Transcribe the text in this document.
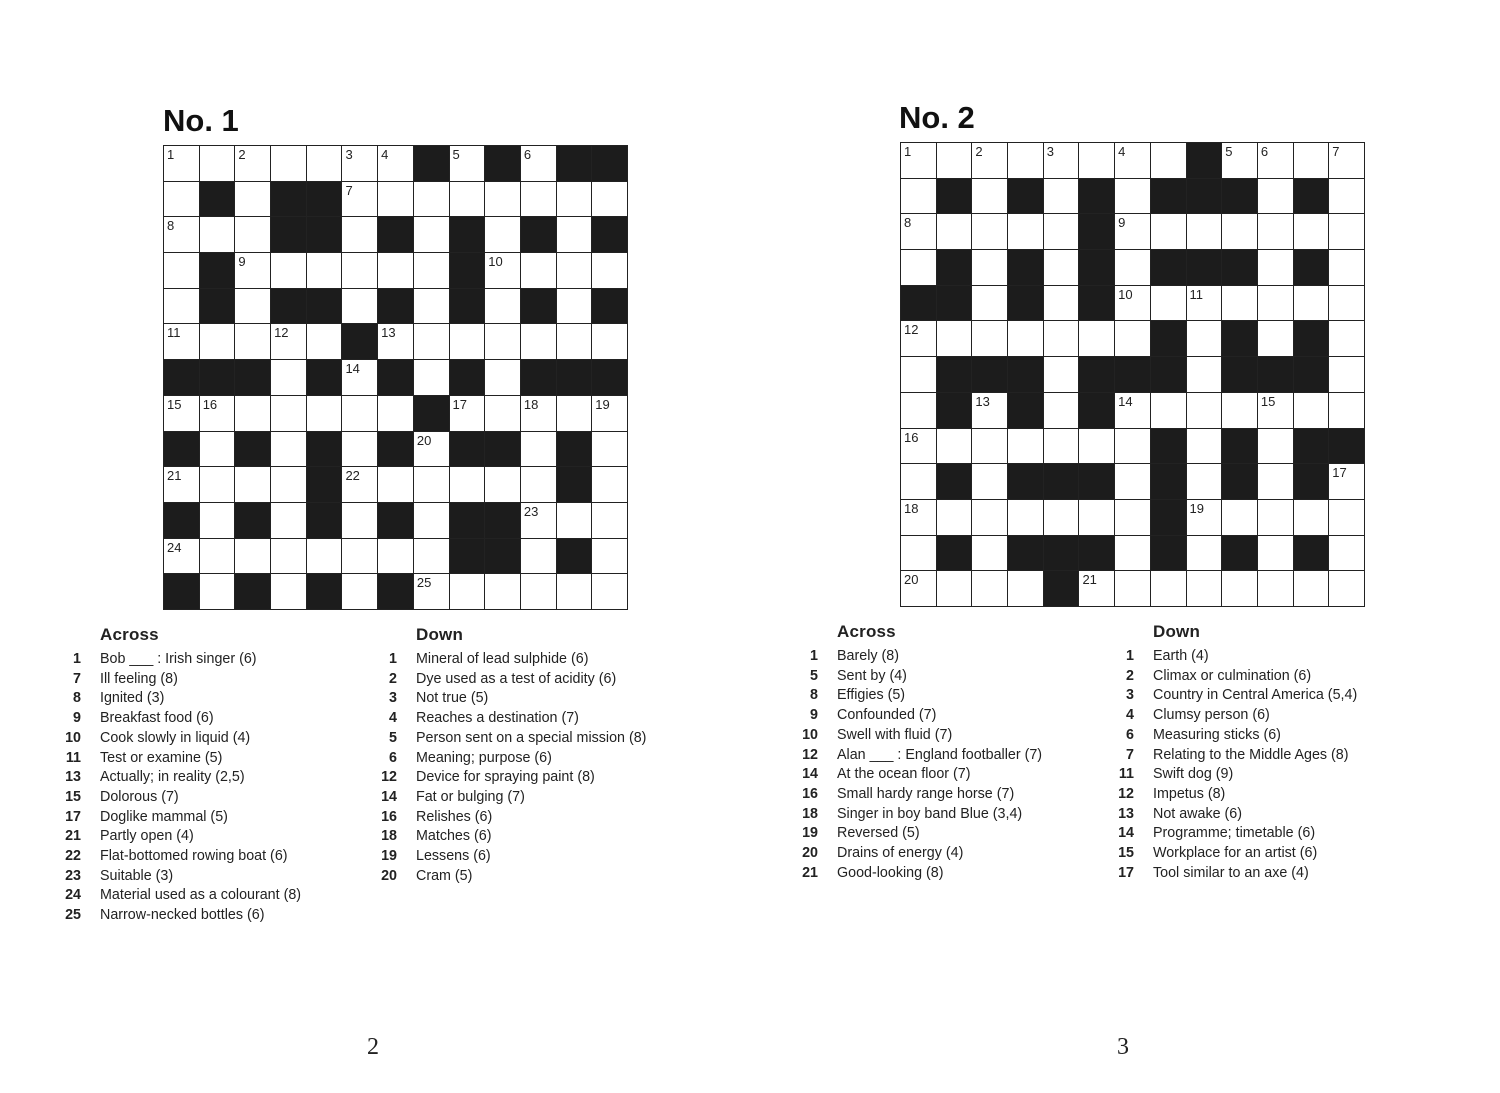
No. 1
1	2	3 4	5	6
7
8
9	10
11	12	13
14
15 16	17	18	19
20
21	22
23
24
25
Across
1 Bob ___ : Irish singer (6)
7 Ill feeling (8)
8 Ignited (3)
9 Breakfast food (6)
10 Cook slowly in liquid (4)
11 Test or examine (5)
13 Actually; in reality (2,5)
15 Dolorous (7)
17 Doglike mammal (5)
21 Partly open (4)
22 Flat-bottomed rowing boat (6)
23 Suitable (3)
24 Material used as a colourant (8)
25 Narrow-necked bottles (6)
Down
1 Mineral of lead sulphide (6)
2 Dye used as a test of acidity (6)
3 Not true (5)
4 Reaches a destination (7)
5 Person sent on a special mission (8)
6 Meaning; purpose (6)
12 Device for spraying paint (8)
14 Fat or bulging (7)
16 Relishes (6)
18 Matches (6)
19 Lessens (6)
20 Cram (5)
2
No. 2
1	2	3	4	5 6	7
8	9
10	11
12
13	14	15
16
17
18	19
20	21
Across
1 Barely (8)
5 Sent by (4)
8 Effigies (5)
9 Confounded (7)
10 Swell with fluid (7)
12 Alan ___ : England footballer (7)
14 At the ocean floor (7)
16 Small hardy range horse (7)
18 Singer in boy band Blue (3,4)
19 Reversed (5)
20 Drains of energy (4)
21 Good-looking (8)
Down
1 Earth (4)
2 Climax or culmination (6)
3 Country in Central America (5,4)
4 Clumsy person (6)
6 Measuring sticks (6)
7 Relating to the Middle Ages (8)
11 Swift dog (9)
12 Impetus (8)
13 Not awake (6)
14 Programme; timetable (6)
15 Workplace for an artist (6)
17 Tool similar to an axe (4)
3
